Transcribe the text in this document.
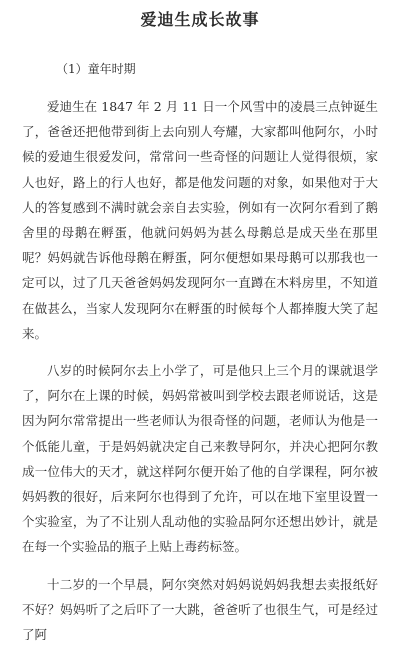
爱迪生成长故事
（1）童年时期

爱迪生在 1847 年 2 月 11 日一个风雪中的凌晨三点钟诞生了，爸爸还把他带到街上去向别人夸耀，大家都叫他阿尔，小时候的爱迪生很爱发问，常常问一些奇怪的问题让人觉得很烦，家人也好，路上的行人也好，都是他发问题的对象，如果他对于大人的答复感到不满时就会亲自去实验，例如有一次阿尔看到了鹅舍里的母鹅在孵蛋，他就问妈妈为甚么母鹅总是成天坐在那里呢？妈妈就告诉他母鹅在孵蛋，阿尔便想如果母鹅可以那我也一定可以，过了几天爸爸妈妈发现阿尔一直蹲在木料房里，不知道在做甚么，当家人发现阿尔在孵蛋的时候每个人都捧腹大笑了起来。

八岁的时候阿尔去上小学了，可是他只上三个月的课就退学了，阿尔在上课的时候，妈妈常被叫到学校去跟老师说话，这是因为阿尔常常提出一些老师认为很奇怪的问题，老师认为他是一个低能儿童，于是妈妈就决定自己来教导阿尔，并决心把阿尔教成一位伟大的天才，就这样阿尔便开始了他的自学课程，阿尔被妈妈教的很好，后来阿尔也得到了允许，可以在地下室里设置一个实验室，为了不让别人乱动他的实验品阿尔还想出妙计，就是在每一个实验品的瓶子上贴上毒药标签。

十二岁的一个早晨，阿尔突然对妈妈说妈妈我想去卖报纸好不好？妈妈听了之后吓了一大跳，爸爸听了也很生气，可是经过了阿
